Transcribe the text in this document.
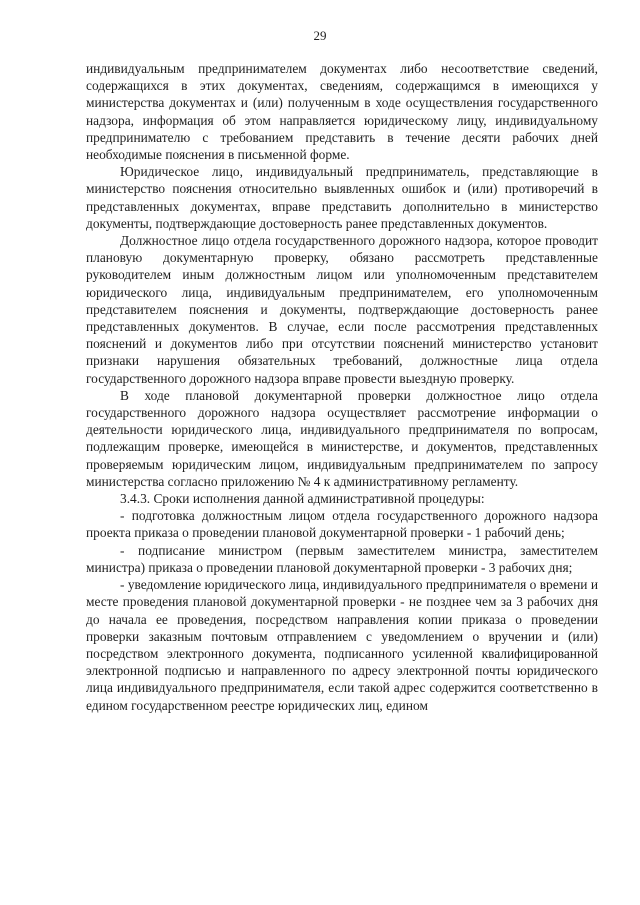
29

индивидуальным предпринимателем документах либо несоответствие сведений, содержащихся в этих документах, сведениям, содержащимся в имеющихся у министерства документах и (или) полученным в ходе осуществления государственного надзора, информация об этом направляется юридическому лицу, индивидуальному предпринимателю с требованием представить в течение десяти рабочих дней необходимые пояснения в письменной форме.

Юридическое лицо, индивидуальный предприниматель, представляющие в министерство пояснения относительно выявленных ошибок и (или) противоречий в представленных документах, вправе представить дополнительно в министерство документы, подтверждающие достоверность ранее представленных документов.

Должностное лицо отдела государственного дорожного надзора, которое проводит плановую документарную проверку, обязано рассмотреть представленные руководителем иным должностным лицом или уполномоченным представителем юридического лица, индивидуальным предпринимателем, его уполномоченным представителем пояснения и документы, подтверждающие достоверность ранее представленных документов. В случае, если после рассмотрения представленных пояснений и документов либо при отсутствии пояснений министерство установит признаки нарушения обязательных требований, должностные лица отдела государственного дорожного надзора вправе провести выездную проверку.

В ходе плановой документарной проверки должностное лицо отдела государственного дорожного надзора осуществляет рассмотрение информации о деятельности юридического лица, индивидуального предпринимателя по вопросам, подлежащим проверке, имеющейся в министерстве, и документов, представленных проверяемым юридическим лицом, индивидуальным предпринимателем по запросу министерства согласно приложению № 4 к административному регламенту.

3.4.3. Сроки исполнения данной административной процедуры:

- подготовка должностным лицом отдела государственного дорожного надзора проекта приказа о проведении плановой документарной проверки - 1 рабочий день;

- подписание министром (первым заместителем министра, заместителем министра) приказа о проведении плановой документарной проверки - 3 рабочих дня;

- уведомление юридического лица, индивидуального предпринимателя о времени и месте проведения плановой документарной проверки - не позднее чем за 3 рабочих дня до начала ее проведения, посредством направления копии приказа о проведении проверки заказным почтовым отправлением с уведомлением о вручении и (или) посредством электронного документа, подписанного усиленной квалифицированной электронной подписью и направленного по адресу электронной почты юридического лица индивидуального предпринимателя, если такой адрес содержится соответственно в едином государственном реестре юридических лиц, едином
